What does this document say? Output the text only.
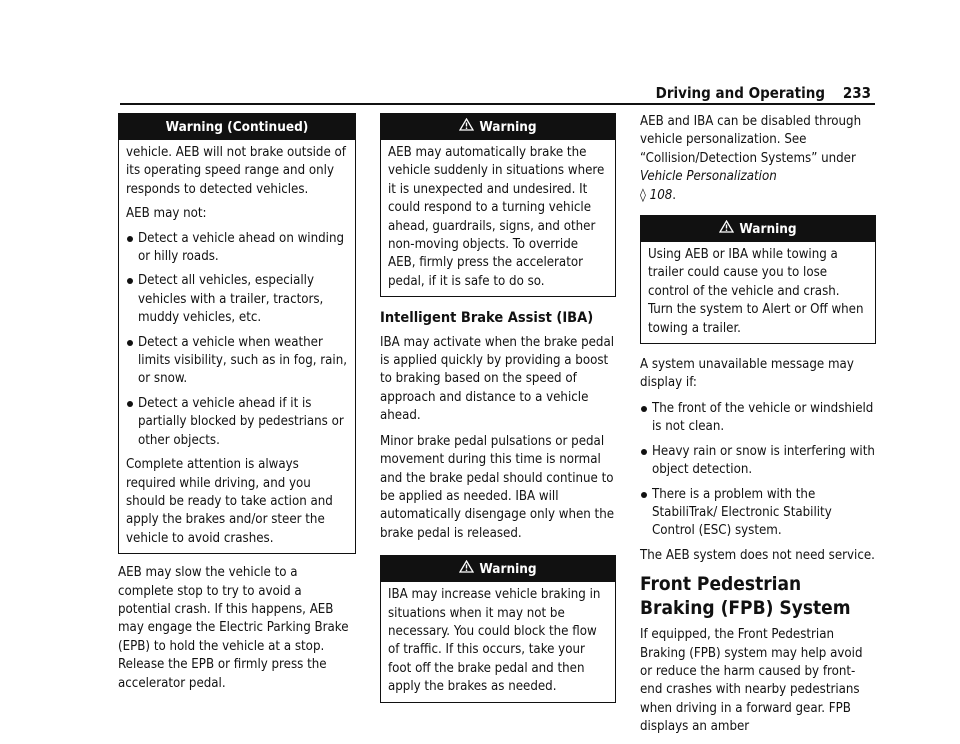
Driving and Operating 233
Warning (Continued)

vehicle. AEB will not brake outside of its operating speed range and only responds to detected vehicles.

AEB may not:

Detect a vehicle ahead on winding or hilly roads.
Detect all vehicles, especially vehicles with a trailer, tractors, muddy vehicles, etc.
Detect a vehicle when weather limits visibility, such as in fog, rain, or snow.
Detect a vehicle ahead if it is partially blocked by pedestrians or other objects.

Complete attention is always required while driving, and you should be ready to take action and apply the brakes and/or steer the vehicle to avoid crashes.

AEB may slow the vehicle to a complete stop to try to avoid a potential crash. If this happens, AEB may engage the Electric Parking Brake (EPB) to hold the vehicle at a stop. Release the EPB or firmly press the accelerator pedal.

Warning

AEB may automatically brake the vehicle suddenly in situations where it is unexpected and undesired. It could respond to a turning vehicle ahead, guardrails, signs, and other non-moving objects. To override AEB, firmly press the accelerator pedal, if it is safe to do so.

Intelligent Brake Assist (IBA)

IBA may activate when the brake pedal is applied quickly by providing a boost to braking based on the speed of approach and distance to a vehicle ahead.

Minor brake pedal pulsations or pedal movement during this time is normal and the brake pedal should continue to be applied as needed. IBA will automatically disengage only when the brake pedal is released.

Warning

IBA may increase vehicle braking in situations when it may not be necessary. You could block the flow of traffic. If this occurs, take your foot off the brake pedal and then apply the brakes as needed.

AEB and IBA can be disabled through vehicle personalization. See “Collision/Detection Systems” under Vehicle Personalization
◊ 108.

Warning

Using AEB or IBA while towing a trailer could cause you to lose control of the vehicle and crash. Turn the system to Alert or Off when towing a trailer.

A system unavailable message may display if:

The front of the vehicle or windshield is not clean.
Heavy rain or snow is interfering with object detection.
There is a problem with the StabiliTrak/ Electronic Stability Control (ESC) system.

The AEB system does not need service.

Front Pedestrian Braking (FPB) System

If equipped, the Front Pedestrian Braking (FPB) system may help avoid or reduce the harm caused by front-end crashes with nearby pedestrians when driving in a forward gear. FPB displays an amber
